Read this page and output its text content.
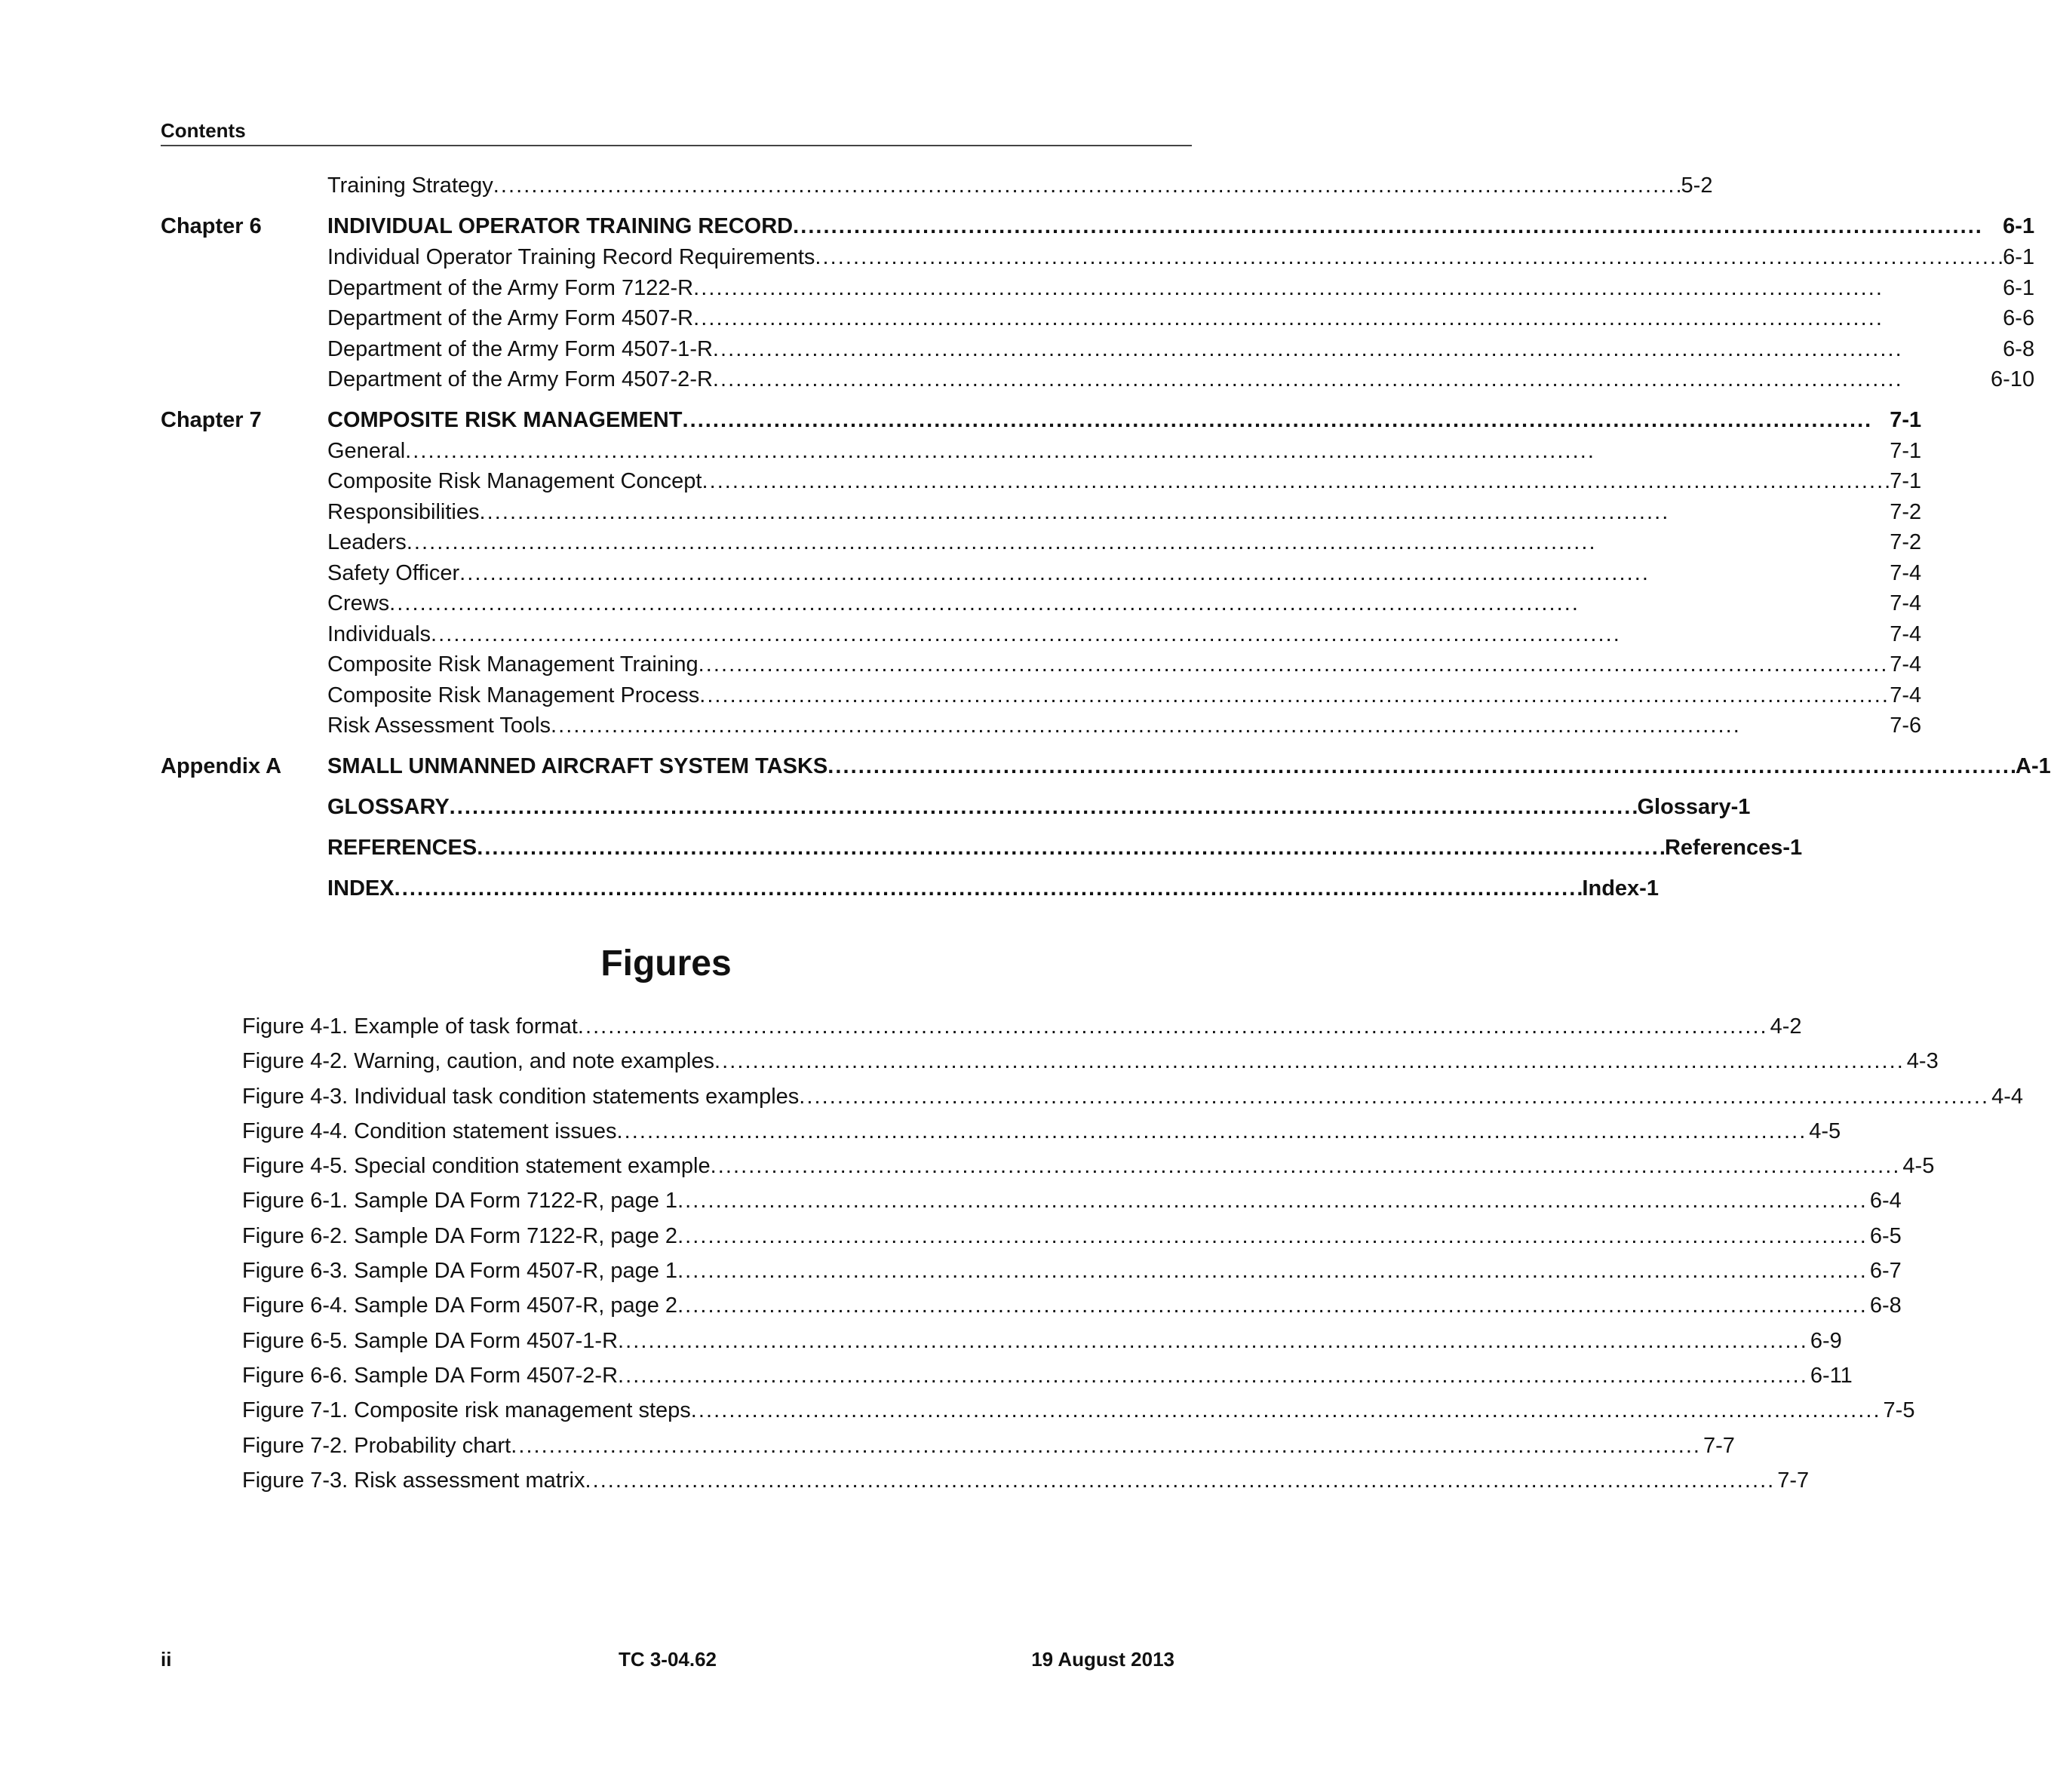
Contents
Training Strategy . . .	5-2
Chapter 6	INDIVIDUAL OPERATOR TRAINING RECORD . . .	6-1
Individual Operator Training Record Requirements . . .	6-1
Department of the Army Form 7122-R . . .	6-1
Department of the Army Form 4507-R . . .	6-6
Department of the Army Form 4507-1-R . . .	6-8
Department of the Army Form 4507-2-R . . .	6-10
Chapter 7	COMPOSITE RISK MANAGEMENT . . .	7-1
General . . .	7-1
Composite Risk Management Concept . . .	7-1
Responsibilities . . .	7-2
Leaders . . .	7-2
Safety Officer . . .	7-4
Crews . . .	7-4
Individuals . . .	7-4
Composite Risk Management Training . . .	7-4
Composite Risk Management Process . . .	7-4
Risk Assessment Tools . . .	7-6
Appendix A	SMALL UNMANNED AIRCRAFT SYSTEM TASKS . . .	A-1
GLOSSARY . . .	Glossary-1
REFERENCES . . .	References-1
INDEX . . .	Index-1
Figures
Figure 4-1. Example of task format . . .	4-2
Figure 4-2. Warning, caution, and note examples . . .	4-3
Figure 4-3. Individual task condition statements examples . . .	4-4
Figure 4-4. Condition statement issues . . .	4-5
Figure 4-5. Special condition statement example . . .	4-5
Figure 6-1. Sample DA Form 7122-R, page 1 . . .	6-4
Figure 6-2. Sample DA Form 7122-R, page 2 . . .	6-5
Figure 6-3. Sample DA Form 4507-R, page 1 . . .	6-7
Figure 6-4. Sample DA Form 4507-R, page 2 . . .	6-8
Figure 6-5. Sample DA Form 4507-1-R . . .	6-9
Figure 6-6. Sample DA Form 4507-2-R . . .	6-11
Figure 7-1. Composite risk management steps . . .	7-5
Figure 7-2. Probability chart . . .	7-7
Figure 7-3. Risk assessment matrix . . .	7-7
ii	TC 3-04.62	19 August 2013
